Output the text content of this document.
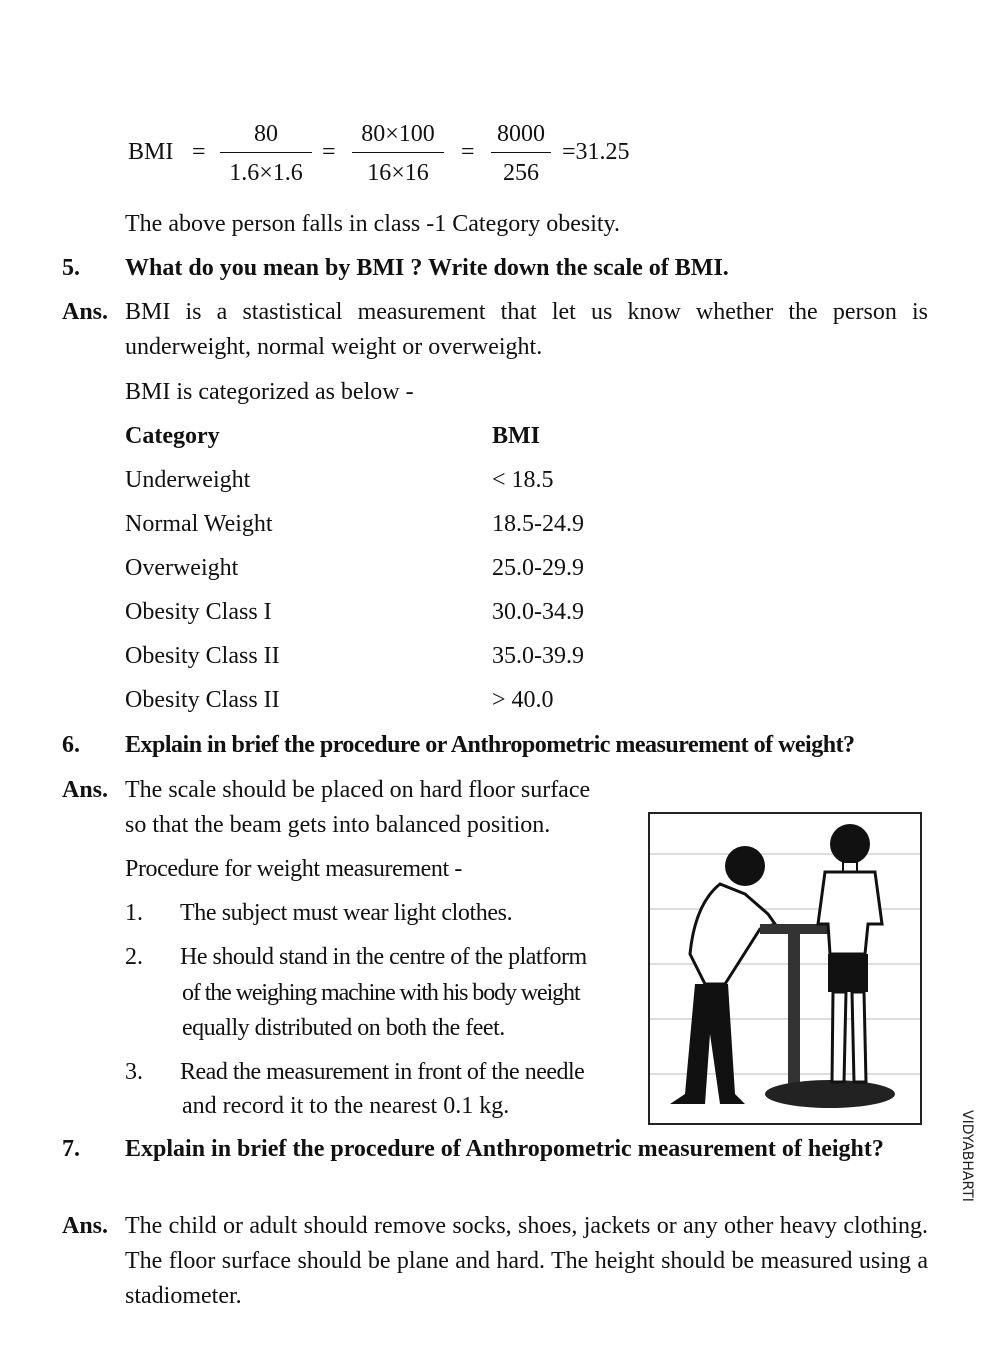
BMI = $\frac{80}{1.6\times 1.6} = \frac{80\times 100}{16\times 16} = \frac{8000}{256} =31.25$
The above person falls in class -1 Category obesity.
5. What do you mean by BMI ? Write down the scale of BMI.
Ans. BMI is a stastistical measurement that let us know whether the person is underweight, normal weight or overweight.
BMI is categorized as below -
Category	BMI
Underweight	< 18.5
Normal Weight	18.5-24.9
Overweight	25.0-29.9
Obesity Class I	30.0-34.9
Obesity Class II	35.0-39.9
Obesity Class II	> 40.0
6. Explain in brief the procedure or Anthropometric measurement of weight?
Ans. The scale should be placed on hard floor surface
so that the beam gets into balanced position.
Procedure for weight measurement -
1. The subject must wear light clothes.
2. He should stand in the centre of the platform
of the weighing machine with his body weight
equally distributed on both the feet.
3. Read the measurement in front of the needle
and record it to the nearest 0.1 kg.
7. Explain in brief the procedure of Anthropometric measurement of height?
Ans. The child or adult should remove socks, shoes, jackets or any other heavy clothing. The floor surface should be plane and hard. The height should be measured using a stadiometer.
VIDYABHARTI
